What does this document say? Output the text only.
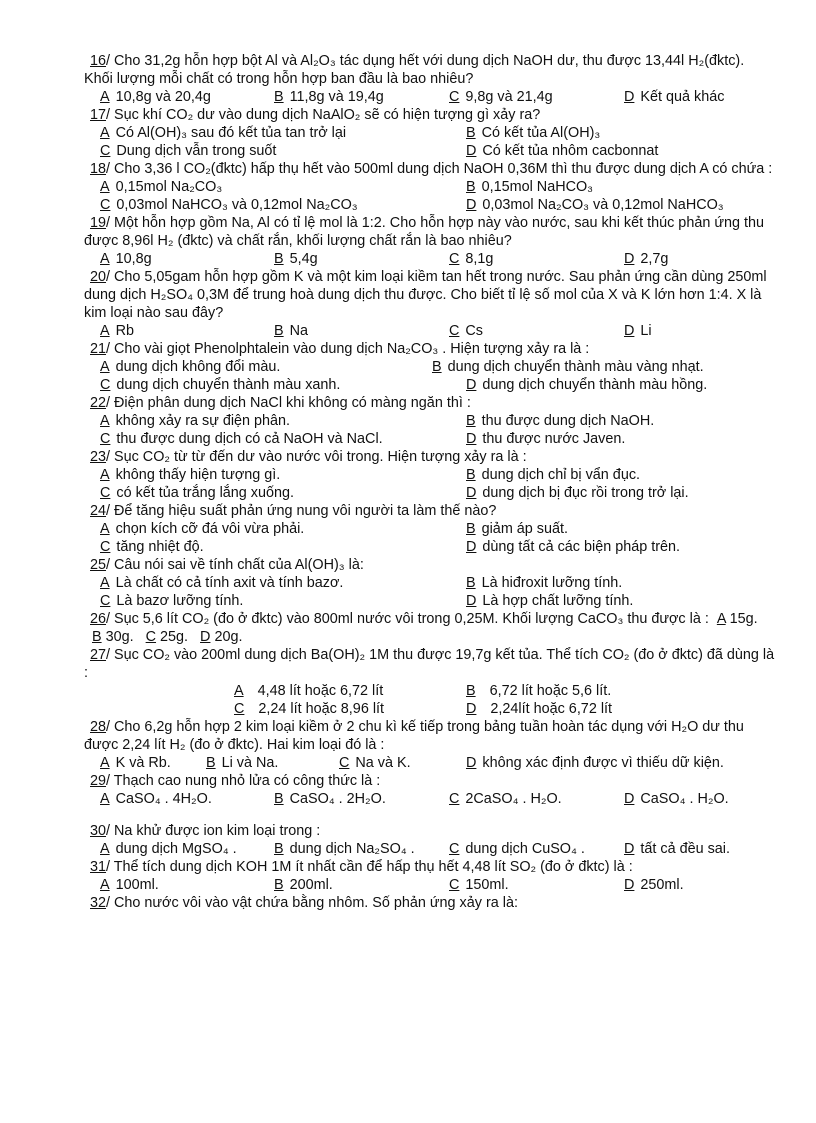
16/ Cho 31,2g hỗn hợp bột Al và Al₂O₃ tác dụng hết với dung dịch NaOH dư, thu được 13,44l H₂(đktc). Khối lượng mỗi chất có trong hỗn hợp ban đầu là bao nhiêu?
A 10,8g và 20,4g	B 11,8g và 19,4g	C 9,8g và 21,4g	D Kết quả khác
17/ Sục khí CO₂ dư vào dung dịch NaAlO₂ sẽ có hiện tượng gì xảy ra?
A Có Al(OH)₃ sau đó kết tủa tan trở lại	B Có kết tủa Al(OH)₃
C Dung dịch vẫn trong suốt	D Có kết tủa nhôm cacbonnat
18/ Cho 3,36 l CO₂(đktc) hấp thụ hết vào 500ml dung dịch NaOH 0,36M thì thu được dung dịch A có chứa :
A 0,15mol Na₂CO₃	B 0,15mol NaHCO₃
C 0,03mol NaHCO₃ và 0,12mol Na₂CO₃	D 0,03mol Na₂CO₃ và 0,12mol NaHCO₃
19/ Một hỗn hợp gồm Na, Al có tỉ lệ mol là 1:2. Cho hỗn hợp này vào nước, sau khi kết thúc phản ứng thu được 8,96l H₂ (đktc) và chất rắn, khối lượng chất rắn là bao nhiêu?
A 10,8g	B 5,4g	C 8,1g	D 2,7g
20/ Cho 5,05gam hỗn hợp gồm K và một kim loại kiềm tan hết trong nước. Sau phản ứng cần dùng 250ml dung dịch H₂SO₄ 0,3M để trung hoà dung dịch thu được. Cho biết tỉ lệ số mol của X và K lớn hơn 1:4. X là kim loại nào sau đây?
A Rb	B Na	C Cs	D Li
21/ Cho vài giọt Phenolphtalein vào dung dịch Na₂CO₃ . Hiện tượng xảy ra là :
A dung dịch không đổi màu.	B dung dịch chuyển thành màu vàng nhạt.
C dung dịch chuyển thành màu xanh.	D dung dịch chuyển thành màu hồng.
22/ Điện phân dung dịch NaCl khi không có màng ngăn thì :
A không xảy ra sự điện phân.	B thu được dung dịch NaOH.
C thu được dung dịch có cả NaOH và NaCl.	D thu được nước Javen.
23/ Sục CO₂ từ từ đến dư vào nước vôi trong. Hiện tượng xảy ra là :
A không thấy hiện tượng gì.	B dung dịch chỉ bị vẩn đục.
C có kết tủa trắng lắng xuống.	D dung dịch bị đục rồi trong trở lại.
24/ Để tăng hiệu suất phản ứng nung vôi người ta làm thế nào?
A chọn kích cỡ đá vôi vừa phải.	B giảm áp suất.
C tăng nhiệt độ.	D dùng tất cả các biện pháp trên.
25/ Câu nói sai về tính chất của Al(OH)₃ là:
A Là chất có cả tính axit và tính bazơ.	B Là hiđroxit lưỡng tính.
C Là bazơ lưỡng tính.	D Là hợp chất lưỡng tính.
26/ Sục 5,6 lít CO₂ (đo ở đktc) vào 800ml nước vôi trong 0,25M. Khối lượng CaCO₃ thu được là : A 15g.   B 30g. C 25g. D 20g.
27/ Sục CO₂ vào 200ml dung dịch Ba(OH)₂ 1M thu được 19,7g kết tủa. Thể tích CO₂ (đo ở đktc) đã dùng là :
A 4,48 lít hoặc 6,72 lít	B 6,72 lít hoặc 5,6 lít.
C 2,24 lít hoặc 8,96 lít	D 2,24lít hoặc 6,72 lít
28/ Cho 6,2g hỗn hợp 2 kim loại kiềm ở 2 chu kì kế tiếp trong bảng tuần hoàn tác dụng với H₂O dư thu được 2,24 lít H₂ (đo ở đktc). Hai kim loại đó là :
A K và Rb. B Li và Na.	C Na và K.	D không xác định được vì thiếu dữ kiện.
29/ Thạch cao nung nhỏ lửa có công thức là :
A CaSO₄ . 4H₂O.	B CaSO₄ . 2H₂O.	C 2CaSO₄ . H₂O.	D CaSO₄ . H₂O.
30/ Na khử được ion kim loại trong :
A dung dịch MgSO₄ .	B dung dịch Na₂SO₄ . C dung dịch CuSO₄ .	D tất cả đều sai.
31/ Thể tích dung dịch KOH 1M ít nhất cần để hấp thụ hết 4,48 lít SO₂ (đo ở đktc) là :
A 100ml.	B 200ml.	C 150ml.	D 250ml.
32/ Cho nước vôi vào vật chứa bằng nhôm. Số phản ứng xảy ra là:
